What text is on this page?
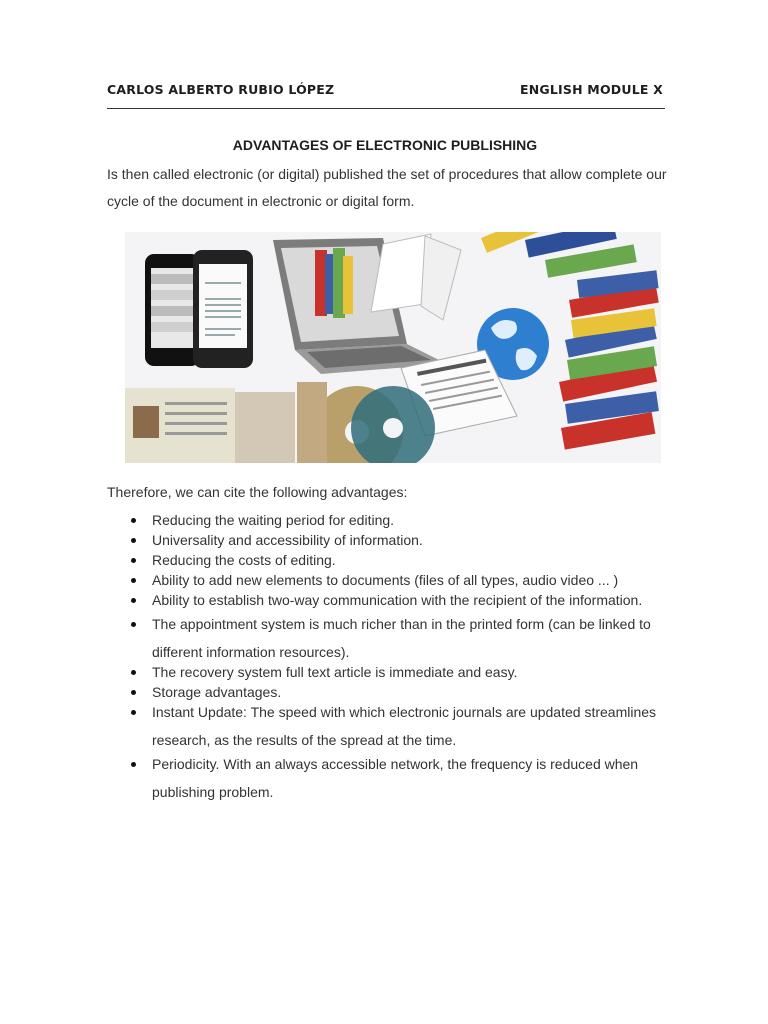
CARLOS ALBERTO RUBIO LÓPEZ	ENGLISH MODULE X
ADVANTAGES OF ELECTRONIC PUBLISHING
Is then called electronic (or digital) published the set of procedures that allow complete our cycle of the document in electronic or digital form.
Therefore, we can cite the following advantages:
Reducing the waiting period for editing.
Universality and accessibility of information.
Reducing the costs of editing.
Ability to add new elements to documents (files of all types, audio video ... )
Ability to establish two-way communication with the recipient of the information.
The appointment system is much richer than in the printed form (can be linked to different information resources).
The recovery system full text article is immediate and easy.
Storage advantages.
Instant Update: The speed with which electronic journals are updated streamlines research, as the results of the spread at the time.
Periodicity. With an always accessible network, the frequency is reduced when publishing problem.
